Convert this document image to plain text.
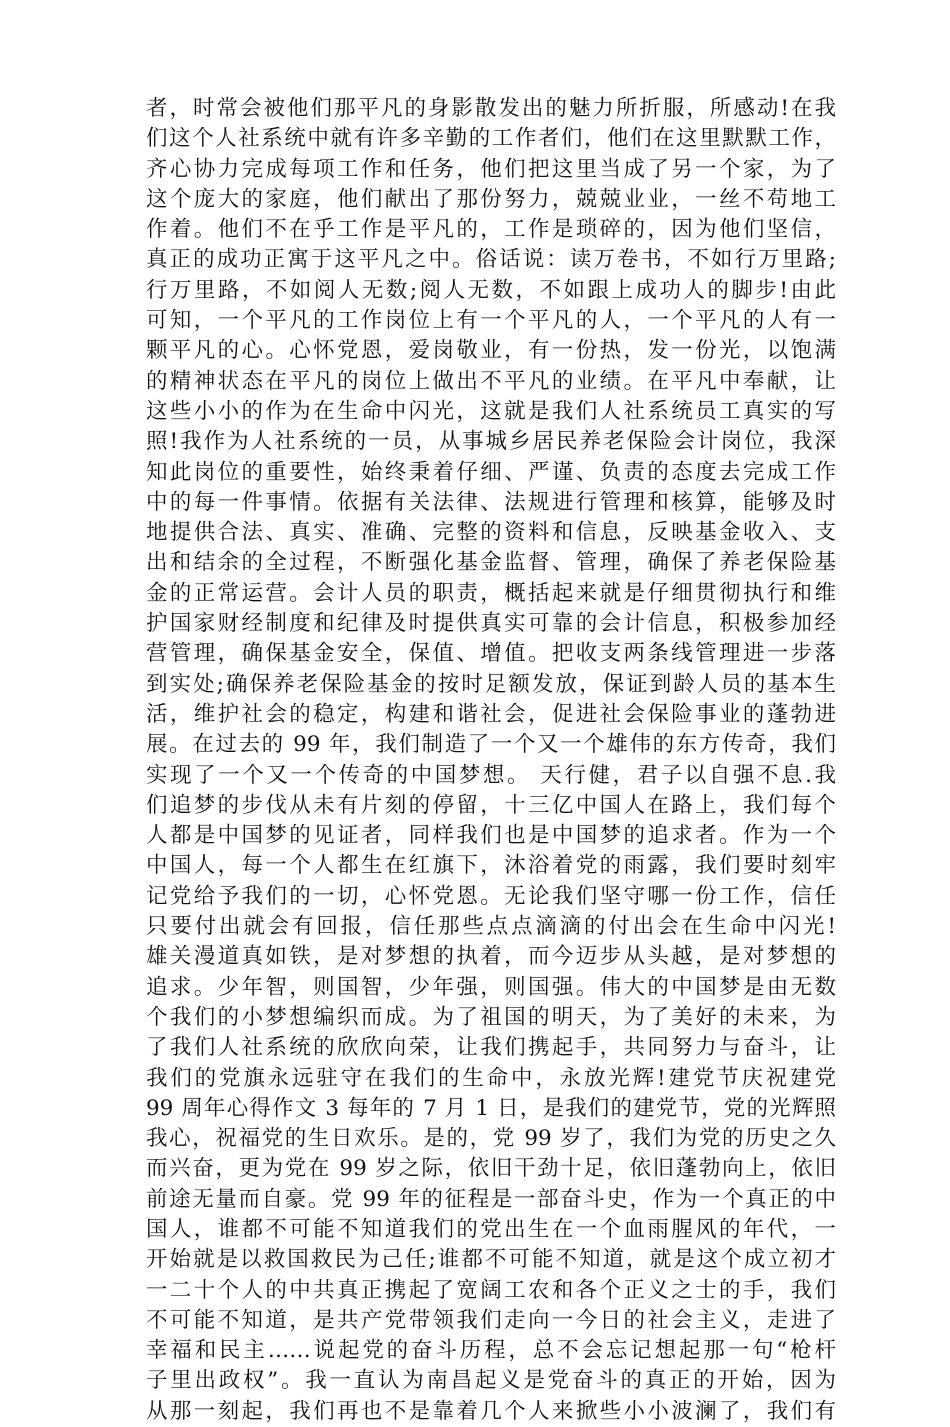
者，时常会被他们那平凡的身影散发出的魅力所折服，所感动!在我
们这个人社系统中就有许多辛勤的工作者们，他们在这里默默工作，
齐心协力完成每项工作和任务，他们把这里当成了另一个家，为了
这个庞大的家庭，他们献出了那份努力，兢兢业业，一丝不苟地工
作着。他们不在乎工作是平凡的，工作是琐碎的，因为他们坚信，
真正的成功正寓于这平凡之中。俗话说：读万卷书，不如行万里路;
行万里路，不如阅人无数;阅人无数，不如跟上成功人的脚步!由此
可知，一个平凡的工作岗位上有一个平凡的人，一个平凡的人有一
颗平凡的心。心怀党恩，爱岗敬业，有一份热，发一份光，以饱满
的精神状态在平凡的岗位上做出不平凡的业绩。在平凡中奉献，让
这些小小的作为在生命中闪光，这就是我们人社系统员工真实的写
照!我作为人社系统的一员，从事城乡居民养老保险会计岗位，我深
知此岗位的重要性，始终秉着仔细、严谨、负责的态度去完成工作
中的每一件事情。依据有关法律、法规进行管理和核算，能够及时
地提供合法、真实、准确、完整的资料和信息，反映基金收入、支
出和结余的全过程，不断强化基金监督、管理，确保了养老保险基
金的正常运营。会计人员的职责，概括起来就是仔细贯彻执行和维
护国家财经制度和纪律及时提供真实可靠的会计信息，积极参加经
营管理，确保基金安全，保值、增值。把收支两条线管理进一步落
到实处;确保养老保险基金的按时足额发放，保证到龄人员的基本生
活，维护社会的稳定，构建和谐社会，促进社会保险事业的蓬勃进
展。在过去的 99 年，我们制造了一个又一个雄伟的东方传奇，我们
实现了一个又一个传奇的中国梦想。 天行健，君子以自强不息.我
们追梦的步伐从未有片刻的停留，十三亿中国人在路上，我们每个
人都是中国梦的见证者，同样我们也是中国梦的追求者。作为一个
中国人，每一个人都生在红旗下，沐浴着党的雨露，我们要时刻牢
记党给予我们的一切，心怀党恩。无论我们坚守哪一份工作，信任
只要付出就会有回报，信任那些点点滴滴的付出会在生命中闪光!
雄关漫道真如铁，是对梦想的执着，而今迈步从头越，是对梦想的
追求。少年智，则国智，少年强，则国强。伟大的中国梦是由无数
个我们的小梦想编织而成。为了祖国的明天，为了美好的未来，为
了我们人社系统的欣欣向荣，让我们携起手，共同努力与奋斗，让
我们的党旗永远驻守在我们的生命中，永放光辉!建党节庆祝建党
99 周年心得作文 3 每年的 7 月 1 日，是我们的建党节，党的光辉照
我心，祝福党的生日欢乐。是的，党 99 岁了，我们为党的历史之久
而兴奋，更为党在 99 岁之际，依旧干劲十足，依旧蓬勃向上，依旧
前途无量而自豪。党 99 年的征程是一部奋斗史，作为一个真正的中
国人，谁都不可能不知道我们的党出生在一个血雨腥风的年代，一
开始就是以救国救民为己任;谁都不可能不知道，就是这个成立初才
一二十个人的中共真正携起了宽阔工农和各个正义之士的手，我们
不可能不知道，是共产党带领我们走向一今日的社会主义，走进了
幸福和民主……说起党的奋斗历程，总不会忘记想起那一句“枪杆
子里出政权”。我一直认为南昌起义是党奋斗的真正的开始，因为
从那一刻起，我们再也不是靠着几个人来掀些小小波澜了，我们有
